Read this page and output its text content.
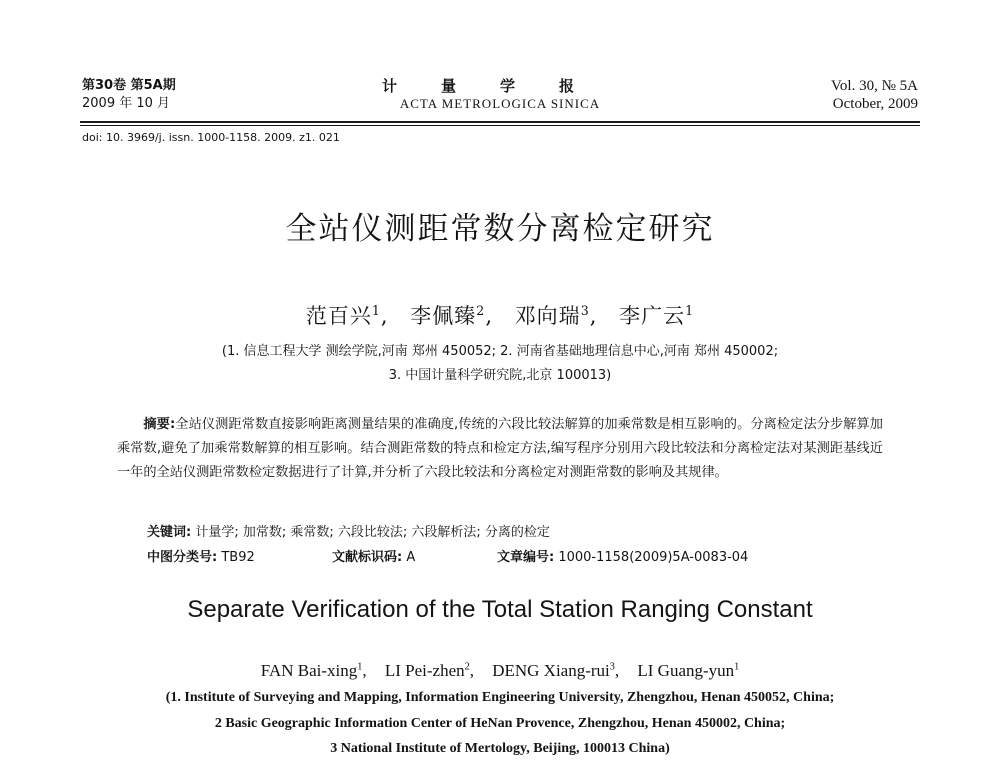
第30卷 第5A期
2009 年 10 月
计量学报
ACTA METROLOGICA SINICA
Vol. 30, № 5A
October, 2009
doi: 10. 3969/j. issn. 1000-1158. 2009. z1. 021
全站仪测距常数分离检定研究
范百兴$^1$, 李佩臻$^2$, 邓向瑞$^3$, 李广云$^1$
(1. 信息工程大学 测绘学院,河南 郑州 450052; 2. 河南省基础地理信息中心,河南 郑州 450002;
3. 中国计量科学研究院,北京 100013)

摘要:全站仪测距常数直接影响距离测量结果的准确度,传统的六段比较法解算的加乘常数是相互影响的。分离检定法分步解算加乘常数,避免了加乘常数解算的相互影响。结合测距常数的特点和检定方法,编写程序分别用六段比较法和分离检定法对某测距基线近一年的全站仪测距常数检定数据进行了计算,并分析了六段比较法和分离检定对测距常数的影响及其规律。

关键词: 计量学; 加常数; 乘常数; 六段比较法; 六段解析法; 分离的检定
中图分类号: TB92	文献标识码: A	文章编号: 1000-1158(2009)5A-0083-04
Separate Verification of the Total Station Ranging Constant
FAN Bai-xing$^1$, LI Pei-zhen$^2$, DENG Xiang-rui$^3$, LI Guang-yun$^1$
(1. Institute of Surveying and Mapping, Information Engineering University, Zhengzhou, Henan 450052, China;
2 Basic Geographic Information Center of HeNan Provence, Zhengzhou, Henan 450002, China;
3 National Institute of Mertology, Beijing, 100013 China)
